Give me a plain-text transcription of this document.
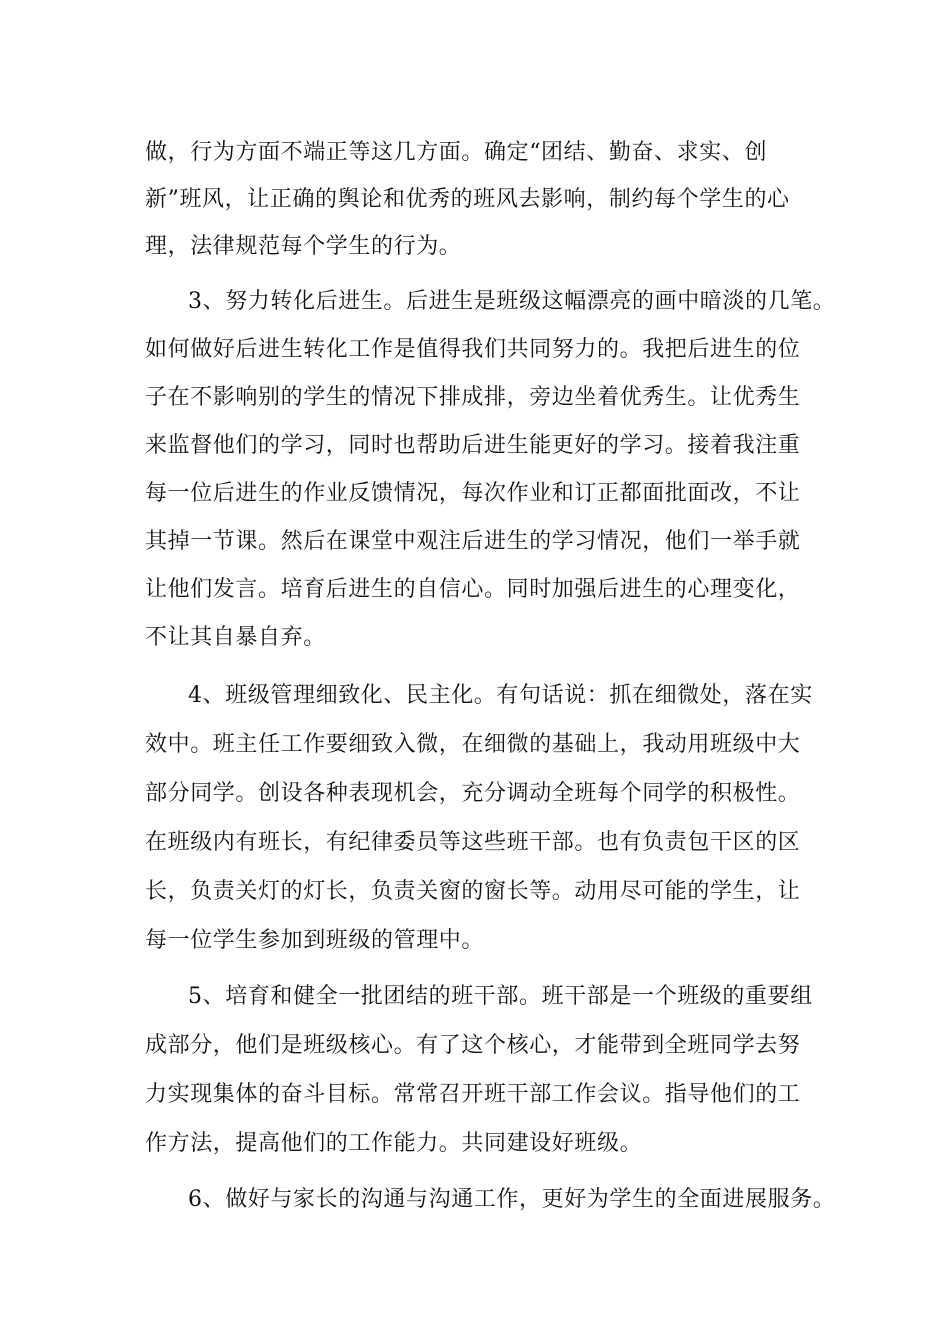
做，行为方面不端正等这几方面。确定“团结、勤奋、求实、创
新”班风，让正确的舆论和优秀的班风去影响，制约每个学生的心
理，法律规范每个学生的行为。
3、努力转化后进生。后进生是班级这幅漂亮的画中暗淡的几笔。
如何做好后进生转化工作是值得我们共同努力的。我把后进生的位
子在不影响别的学生的情况下排成排，旁边坐着优秀生。让优秀生
来监督他们的学习，同时也帮助后进生能更好的学习。接着我注重
每一位后进生的作业反馈情况，每次作业和订正都面批面改，不让
其掉一节课。然后在课堂中观注后进生的学习情况，他们一举手就
让他们发言。培育后进生的自信心。同时加强后进生的心理变化，
不让其自暴自弃。
4、班级管理细致化、民主化。有句话说：抓在细微处，落在实
效中。班主任工作要细致入微，在细微的基础上，我动用班级中大
部分同学。创设各种表现机会，充分调动全班每个同学的积极性。
在班级内有班长，有纪律委员等这些班干部。也有负责包干区的区
长，负责关灯的灯长，负责关窗的窗长等。动用尽可能的学生，让
每一位学生参加到班级的管理中。
5、培育和健全一批团结的班干部。班干部是一个班级的重要组
成部分，他们是班级核心。有了这个核心，才能带到全班同学去努
力实现集体的奋斗目标。常常召开班干部工作会议。指导他们的工
作方法，提高他们的工作能力。共同建设好班级。
6、做好与家长的沟通与沟通工作，更好为学生的全面进展服务。
